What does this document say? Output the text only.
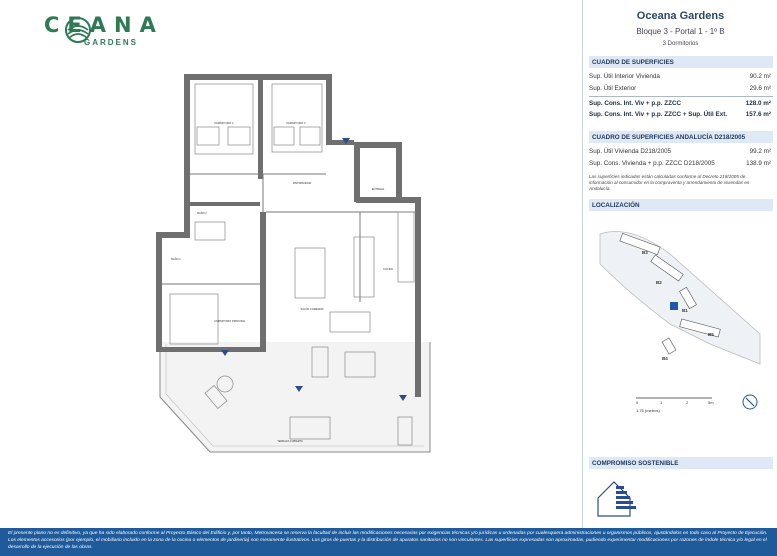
CEANA
GARDENS
DORMITORIO 2	DORMITORIO 3
DISTRIBUIDOR
BAÑO 2
BAÑO 1
ENTRADA
COCINA
SALÓN COMEDOR
DORMITORIO PRINCIPAL
TERRAZA CUBIERTA
Oceana Gardens
Bloque 3 - Portal 1 - 1º B
3 Dormitorios
CUADRO DE SUPERFICIES
Sup. Útil Interior Vivienda	90.2 m²
Sup. Útil Exterior	29.6 m²
Sup. Cons. Int. Viv + p.p. ZZCC	128.0 m²
Sup. Cons. Int. Viv + p.p. ZZCC + Sup. Útil Ext.	157.6 m²
CUADRO DE SUPERFICIES ANDALUCÍA D218/2005
Sup. Útil Vivienda D218/2005	99.2 m²
Sup. Cons. Vivienda + p.p. ZZCC D218/2005	138.9 m²
Las superficies indicadas están calculadas conforme al Decreto 218/2005 de información al consumidor en la compraventa y arrendamiento de viviendas en Andalucía.
LOCALIZACIÓN
COMPROMISO SOSTENIBLE
B3
B2
B1
B5
B4
0	1	2	5m
1:75 (metros)
El presente plano no es definitivo, ya que ha sido elaborado conforme al Proyecto Básico del Edificio y, por tanto, Metrovacesa se reserva la facultad de incluir las modificaciones necesarias por exigencias técnicas y/o jurídicas u ordenadas por cualesquiera administraciones u organismos públicos, ajustándolos en todo caso al Proyecto de Ejecución. Los elementos accesorios (por ejemplo, el mobiliario incluido en la zona de la cocina o elementos de jardinería) son meramente ilustrativos. Los giros de puertas y la distribución de aparatos sanitarios no son vinculantes. Las superficies expresadas son aproximadas, pudiendo experimentar modificaciones por razones de índole técnica y/o legal en el desarrollo de la ejecución de las obras.
